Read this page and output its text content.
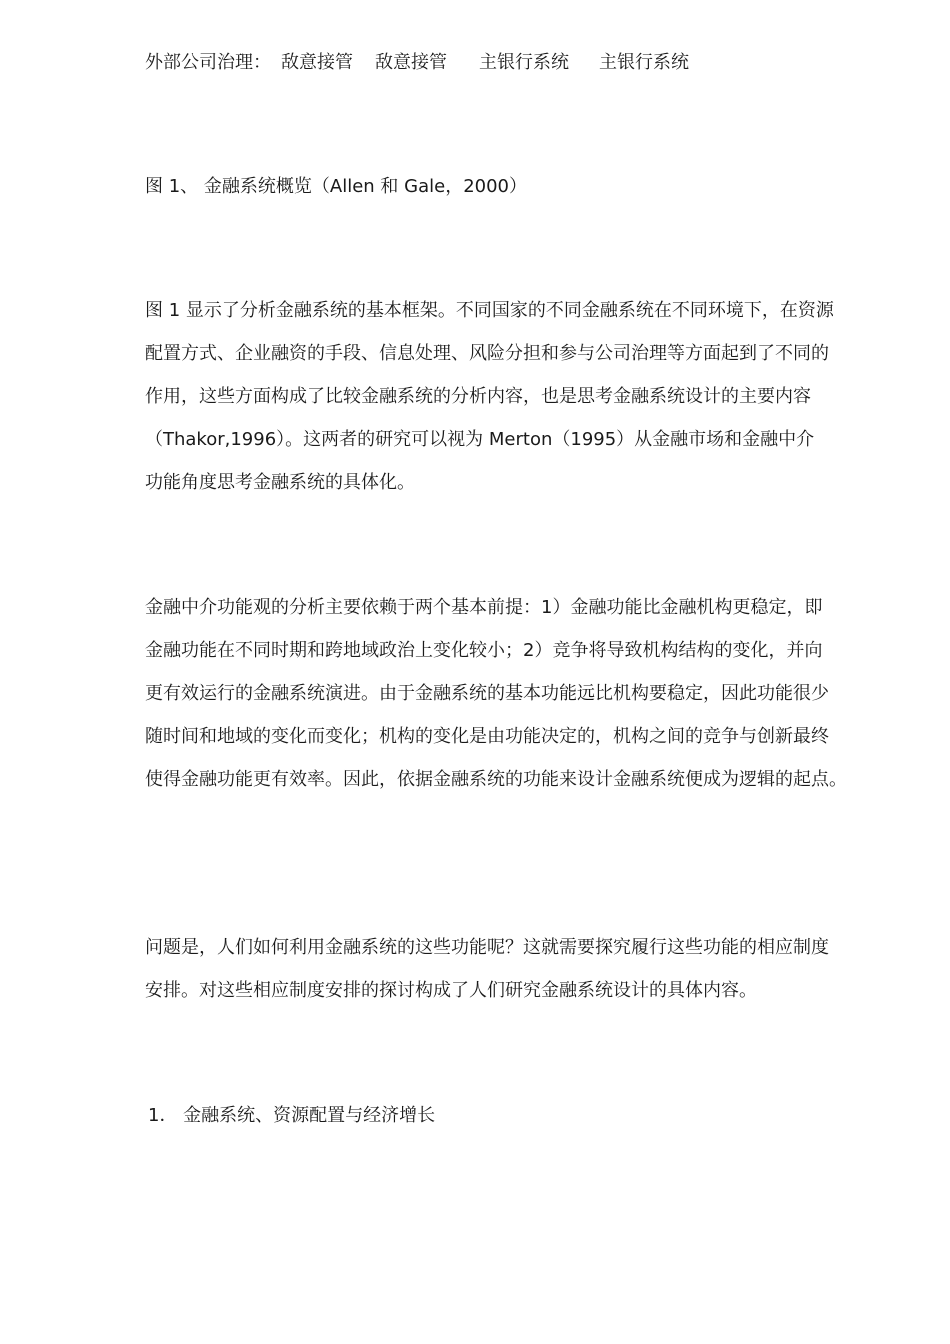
外部公司治理： 敌意接管 敌意接管 主银行系统 主银行系统

图 1、 金融系统概览（Allen 和 Gale，2000）

图 1 显示了分析金融系统的基本框架。不同国家的不同金融系统在不同环境下，在资源
配置方式、企业融资的手段、信息处理、风险分担和参与公司治理等方面起到了不同的
作用，这些方面构成了比较金融系统的分析内容，也是思考金融系统设计的主要内容
（Thakor,1996）。这两者的研究可以视为 Merton（1995）从金融市场和金融中介
功能角度思考金融系统的具体化。
金融中介功能观的分析主要依赖于两个基本前提：1）金融功能比金融机构更稳定，即
金融功能在不同时期和跨地域政治上变化较小；2）竞争将导致机构结构的变化，并向
更有效运行的金融系统演进。由于金融系统的基本功能远比机构要稳定，因此功能很少
随时间和地域的变化而变化；机构的变化是由功能决定的，机构之间的竞争与创新最终
使得金融功能更有效率。因此，依据金融系统的功能来设计金融系统便成为逻辑的起点。
问题是，人们如何利用金融系统的这些功能呢？这就需要探究履行这些功能的相应制度
安排。对这些相应制度安排的探讨构成了人们研究金融系统设计的具体内容。

1． 金融系统、资源配置与经济增长
